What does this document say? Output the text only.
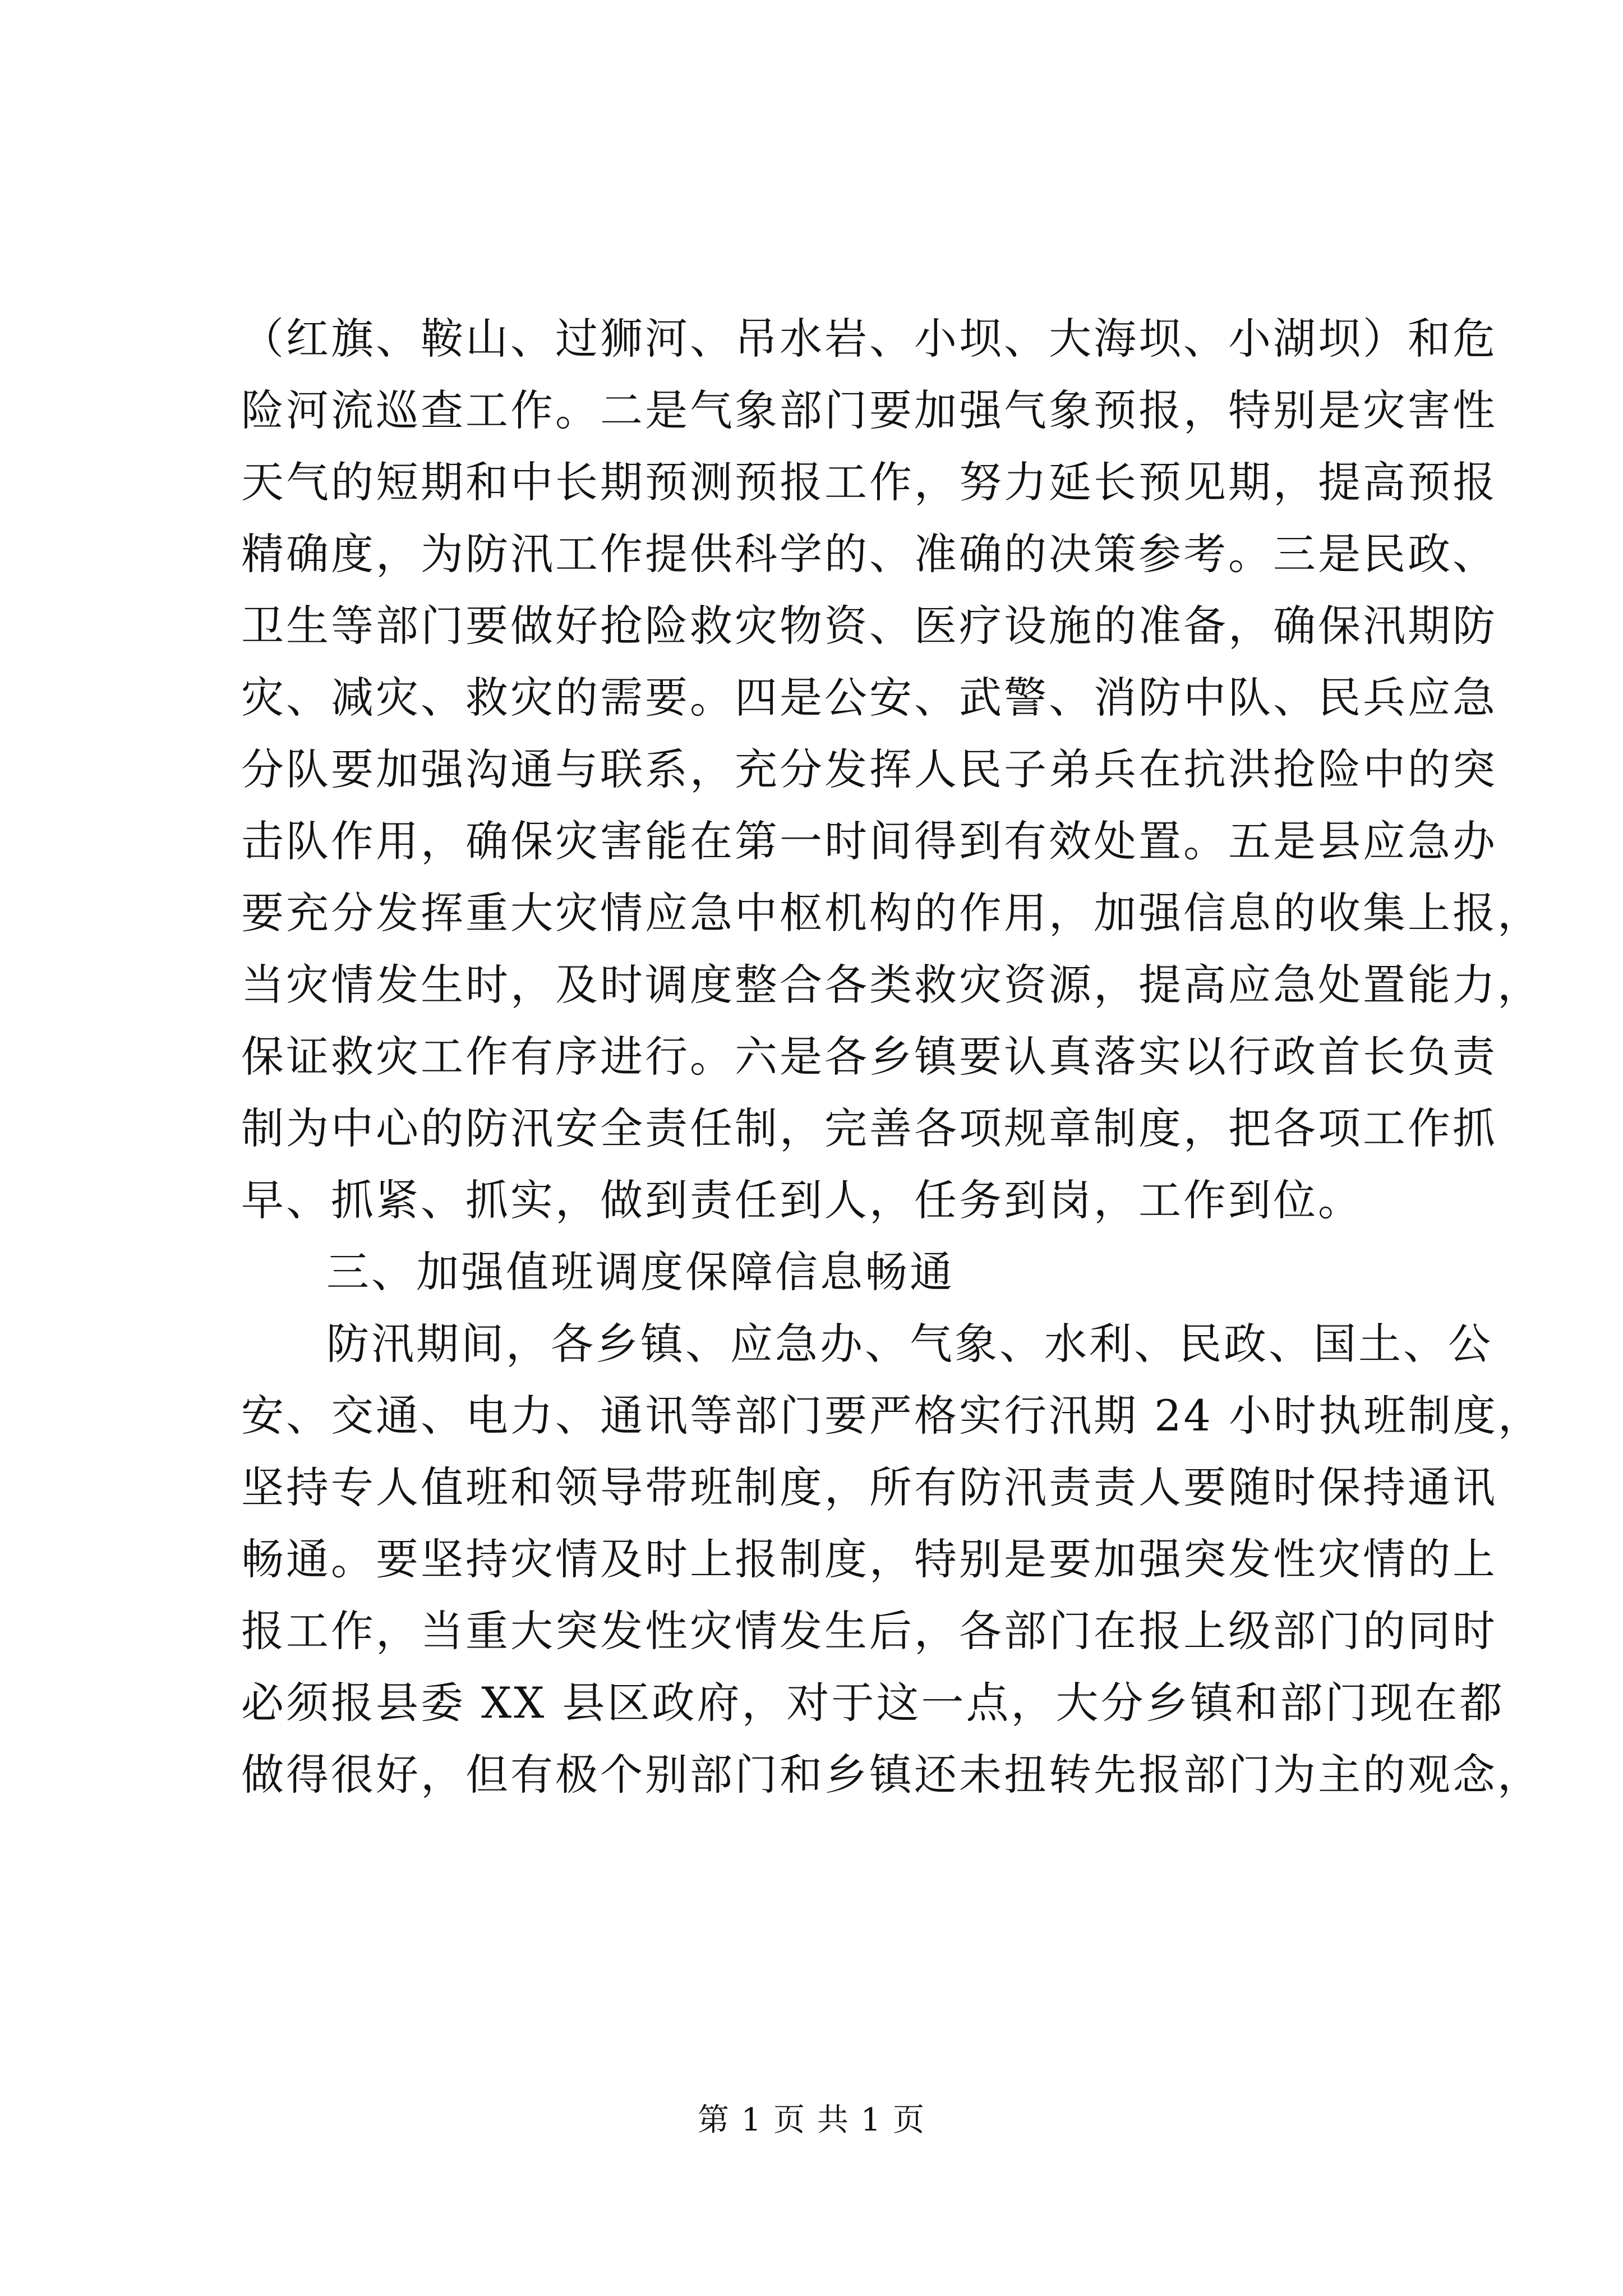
（红旗、鞍山、过狮河、吊水岩、小坝、大海坝、小湖坝）和危
险河流巡查工作。二是气象部门要加强气象预报，特别是灾害性
天气的短期和中长期预测预报工作，努力延长预见期，提高预报
精确度，为防汛工作提供科学的、准确的决策参考。三是民政、
卫生等部门要做好抢险救灾物资、医疗设施的准备，确保汛期防
灾、减灾、救灾的需要。四是公安、武警、消防中队、民兵应急
分队要加强沟通与联系，充分发挥人民子弟兵在抗洪抢险中的突
击队作用，确保灾害能在第一时间得到有效处置。五是县应急办
要充分发挥重大灾情应急中枢机构的作用，加强信息的收集上报，
当灾情发生时，及时调度整合各类救灾资源，提高应急处置能力，
保证救灾工作有序进行。六是各乡镇要认真落实以行政首长负责
制为中心的防汛安全责任制，完善各项规章制度，把各项工作抓
早、抓紧、抓实，做到责任到人，任务到岗，工作到位。
三、加强值班调度保障信息畅通
防汛期间，各乡镇、应急办、气象、水利、民政、国土、公
安、交通、电力、通讯等部门要严格实行汛期 24 小时执班制度，
坚持专人值班和领导带班制度，所有防汛责责人要随时保持通讯
畅通。要坚持灾情及时上报制度，特别是要加强突发性灾情的上
报工作，当重大突发性灾情发生后，各部门在报上级部门的同时
必须报县委 XX 县区政府，对于这一点，大分乡镇和部门现在都
做得很好，但有极个别部门和乡镇还未扭转先报部门为主的观念，
第 1 页 共 1 页
